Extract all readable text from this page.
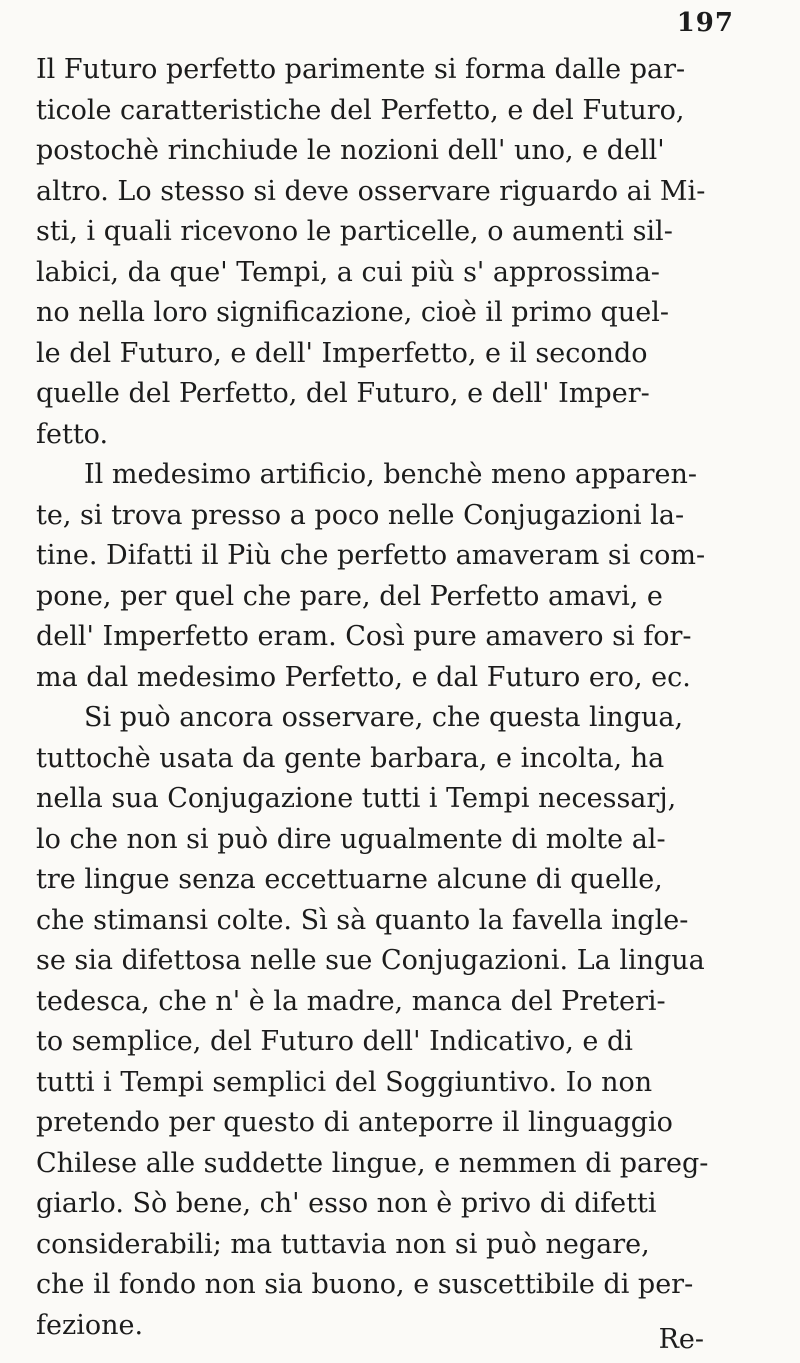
197
Il Futuro perfetto parimente si forma dalle par-
ticole caratteristiche del Perfetto, e del Futuro,
postochè rinchiude le nozioni dell' uno, e dell'
altro. Lo stesso si deve osservare riguardo ai Mi-
sti, i quali ricevono le particelle, o aumenti sil-
labici, da que' Tempi, a cui più s' approssima-
no nella loro significazione, cioè il primo quel-
le del Futuro, e dell' Imperfetto, e il secondo
quelle del Perfetto, del Futuro, e dell' Imper-
fetto.
Il medesimo artificio, benchè meno apparen-
te, si trova presso a poco nelle Conjugazioni la-
tine. Difatti il Più che perfetto amaveram si com-
pone, per quel che pare, del Perfetto amavi, e
dell' Imperfetto eram. Così pure amavero si for-
ma dal medesimo Perfetto, e dal Futuro ero, ec.
Si può ancora osservare, che questa lingua,
tuttochè usata da gente barbara, e incolta, ha
nella sua Conjugazione tutti i Tempi necessarj,
lo che non si può dire ugualmente di molte al-
tre lingue senza eccettuarne alcune di quelle,
che stimansi colte. Sì sà quanto la favella ingle-
se sia difettosa nelle sue Conjugazioni. La lingua
tedesca, che n' è la madre, manca del Preteri-
to semplice, del Futuro dell' Indicativo, e di
tutti i Tempi semplici del Soggiuntivo. Io non
pretendo per questo di anteporre il linguaggio
Chilese alle suddette lingue, e nemmen di pareg-
giarlo. Sò bene, ch' esso non è privo di difetti
considerabili; ma tuttavia non si può negare,
che il fondo non sia buono, e suscettibile di per-
fezione.	Re-
